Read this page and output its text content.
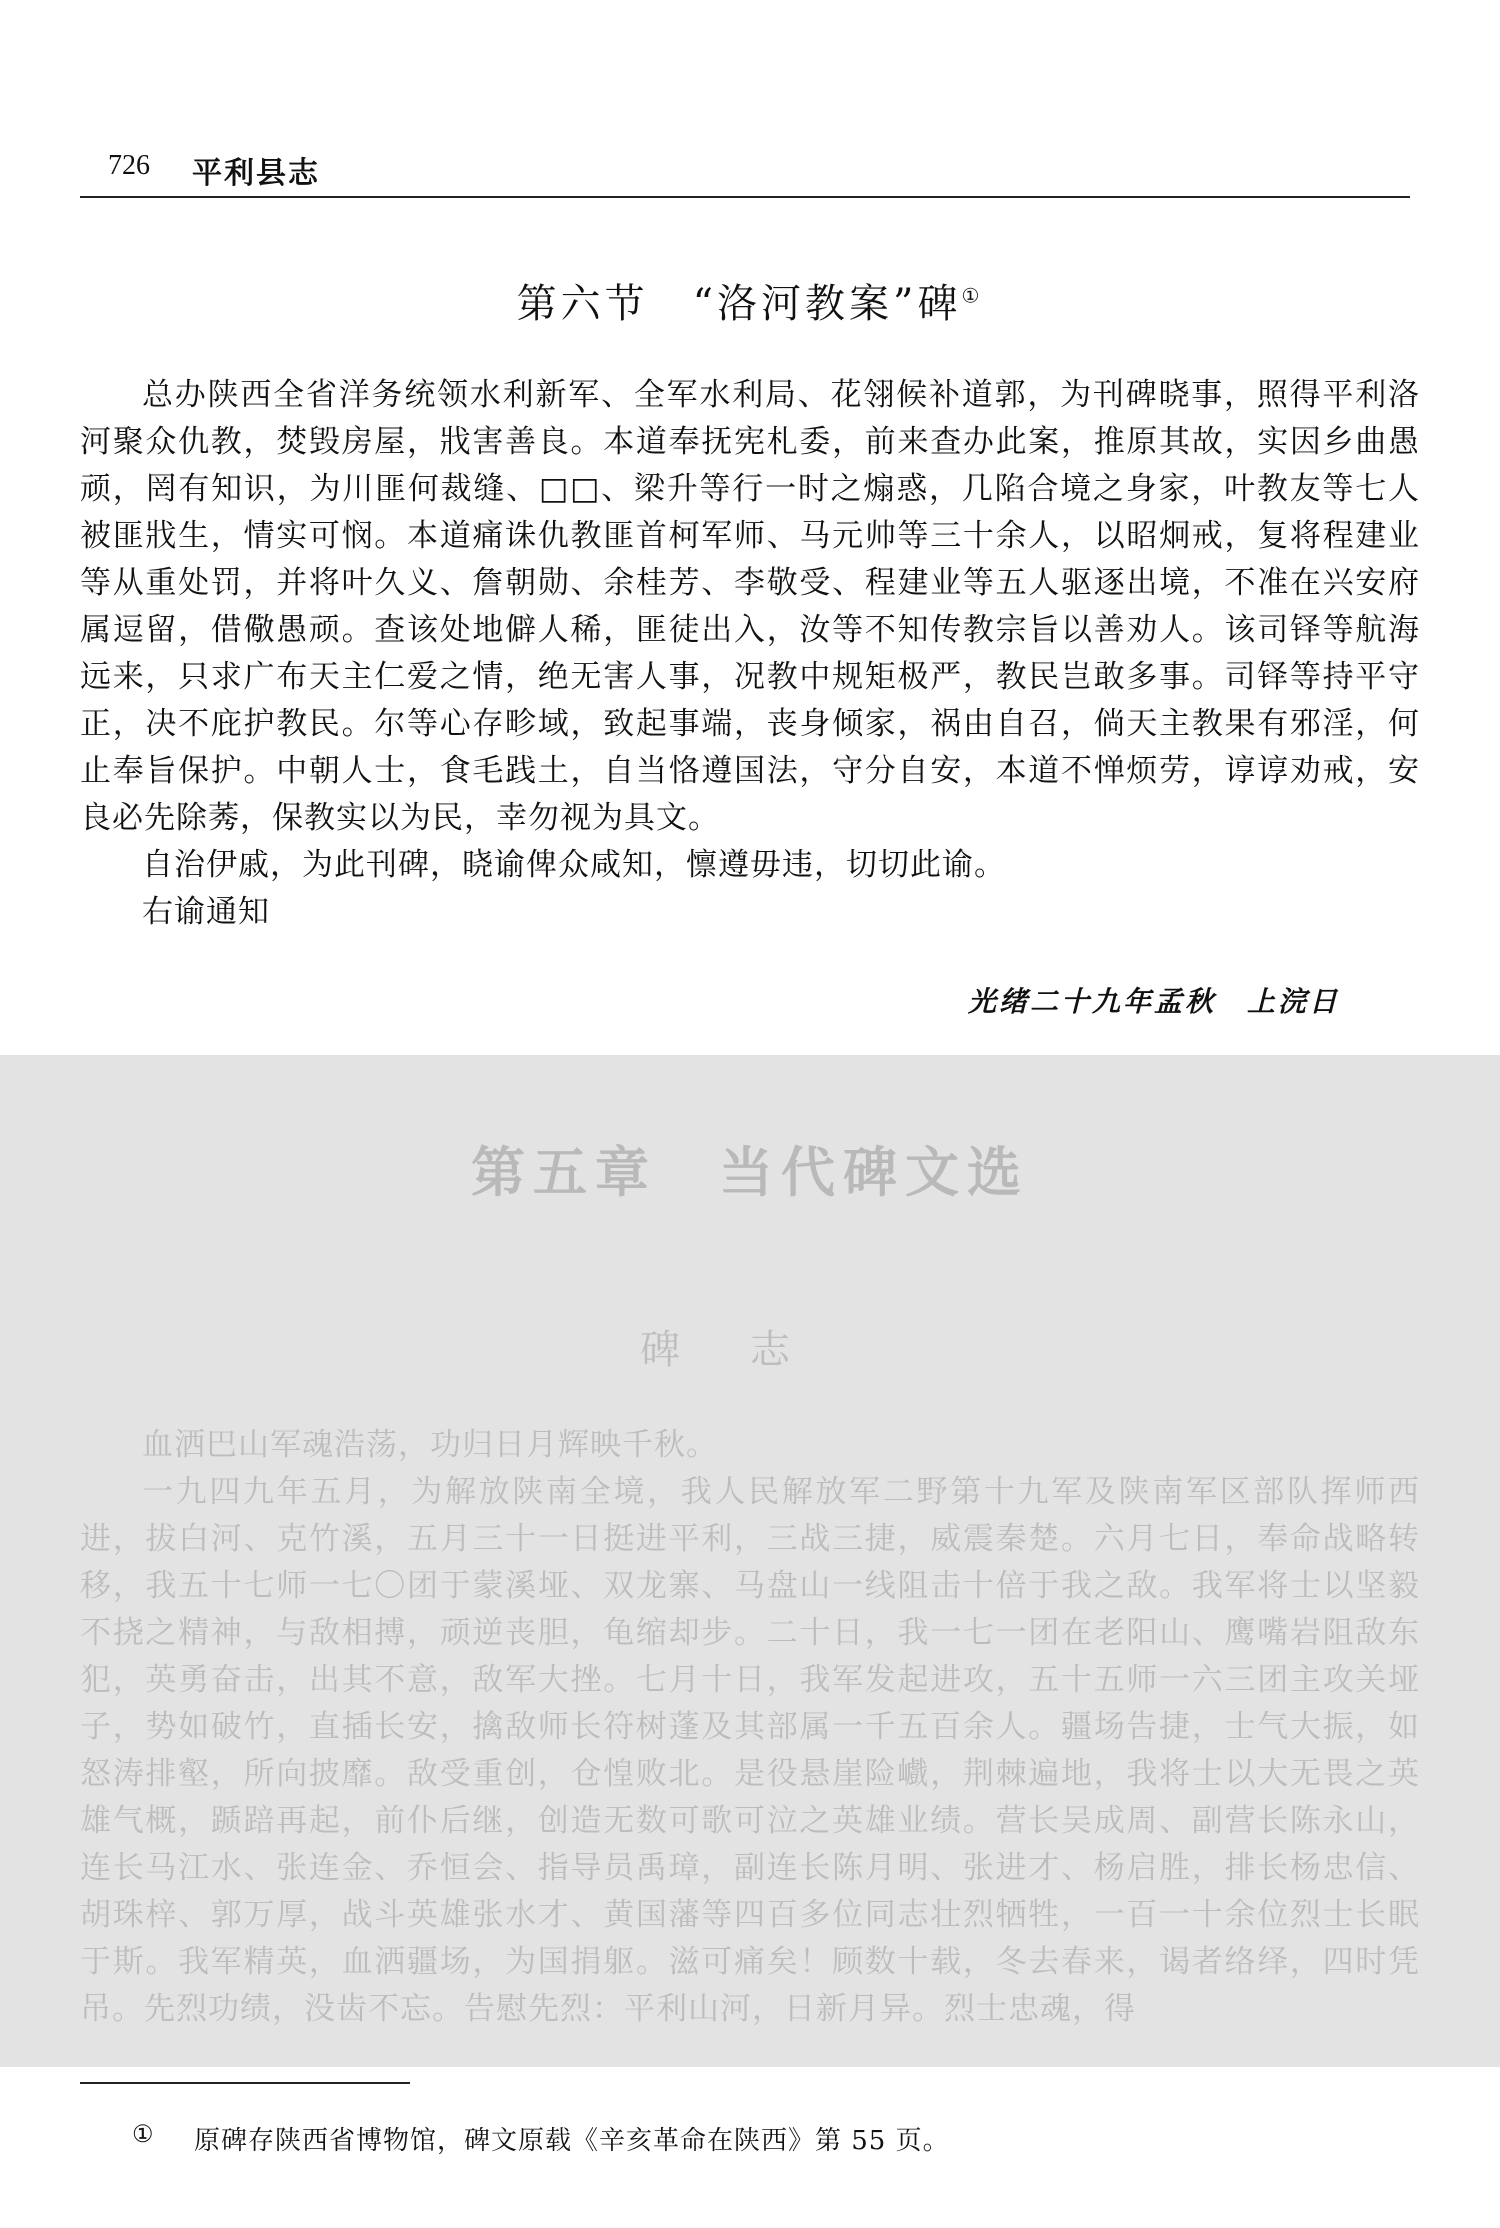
726 平利县志
第六节　“洛河教案”碑①

总办陕西全省洋务统领水利新军、全军水利局、花翎候补道郭，为刊碑晓事，照得平利洛河聚众仇教，焚毁房屋，戕害善良。本道奉抚宪札委，前来查办此案，推原其故，实因乡曲愚顽，罔有知识，为川匪何裁缝、□□、梁升等行一时之煽惑，几陷合境之身家，叶教友等七人被匪戕生，情实可悯。本道痛诛仇教匪首柯军师、马元帅等三十余人，以昭炯戒，复将程建业等从重处罚，并将叶久义、詹朝勋、余桂芳、李敬受、程建业等五人驱逐出境，不准在兴安府属逗留，借儆愚顽。查该处地僻人稀，匪徒出入，汝等不知传教宗旨以善劝人。该司铎等航海远来，只求广布天主仁爱之情，绝无害人事，况教中规矩极严，教民岂敢多事。司铎等持平守正，决不庇护教民。尔等心存畛域，致起事端，丧身倾家，祸由自召，倘天主教果有邪淫，何止奉旨保护。中朝人士，食毛践土，自当恪遵国法，守分自安，本道不惮烦劳，谆谆劝戒，安良必先除莠，保教实以为民，幸勿视为具文。

自治伊戚，为此刊碑，晓谕俾众咸知，懔遵毋违，切切此谕。

右谕通知

光绪二十九年孟秋　上浣日
第五章　当代碑文选
碑志

血洒巴山军魂浩荡，功归日月辉映千秋。

一九四九年五月，为解放陕南全境，我人民解放军二野第十九军及陕南军区部队挥师西进，拔白河、克竹溪，五月三十一日挺进平利，三战三捷，威震秦楚。六月七日，奉命战略转移，我五十七师一七〇团于蒙溪垭、双龙寨、马盘山一线阻击十倍于我之敌。我军将士以坚毅不挠之精神，与敌相搏，顽逆丧胆，龟缩却步。二十日，我一七一团在老阳山、鹰嘴岩阻敌东犯，英勇奋击，出其不意，敌军大挫。七月十日，我军发起进攻，五十五师一六三团主攻关垭子，势如破竹，直插长安，擒敌师长符树蓬及其部属一千五百余人。疆场告捷，士气大振，如怒涛排壑，所向披靡。敌受重创，仓惶败北。是役悬崖险巇，荆棘遍地，我将士以大无畏之英雄气概，踬踣再起，前仆后继，创造无数可歌可泣之英雄业绩。营长吴成周、副营长陈永山，连长马江水、张连金、乔恒会、指导员禹璋，副连长陈月明、张进才、杨启胜，排长杨忠信、胡珠梓、郭万厚，战斗英雄张水才、黄国藩等四百多位同志壮烈牺牲，一百一十余位烈士长眠于斯。我军精英，血洒疆场，为国捐躯。滋可痛矣！顾数十载，冬去春来，谒者络绎，四时凭吊。先烈功绩，没齿不忘。告慰先烈：平利山河，日新月异。烈士忠魂，得

① 原碑存陕西省博物馆，碑文原载《辛亥革命在陕西》第 55 页。
